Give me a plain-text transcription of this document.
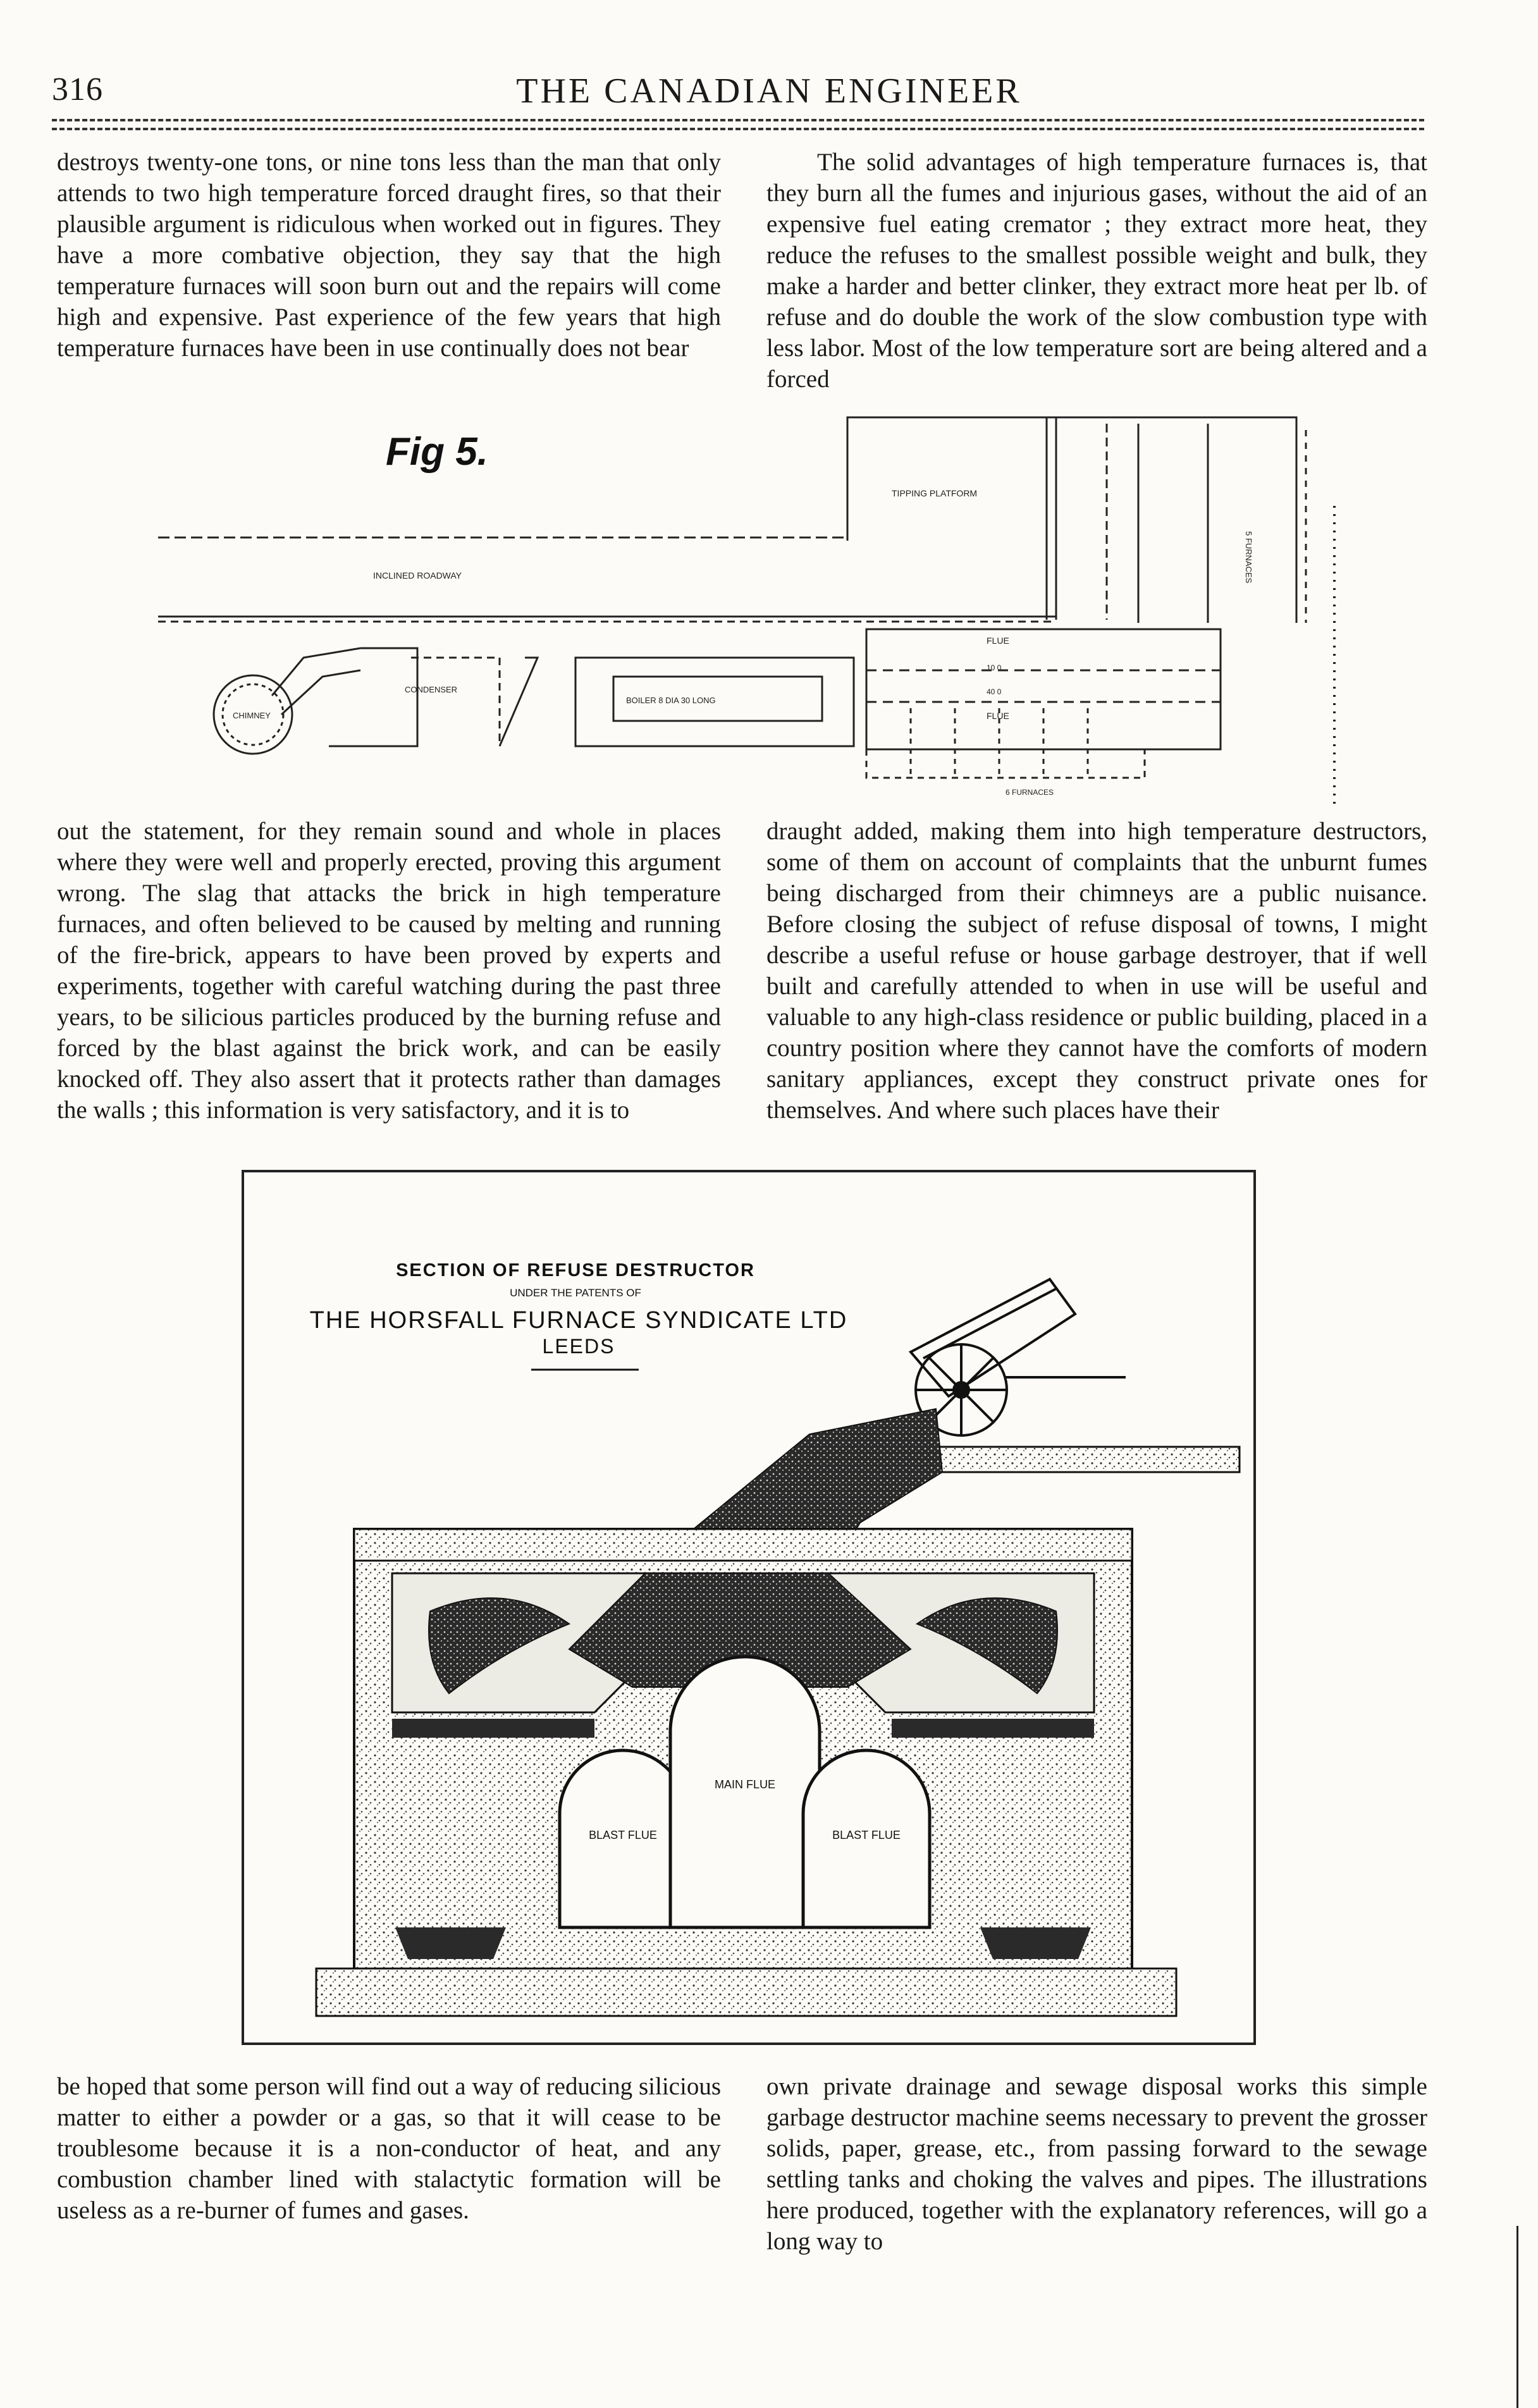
316	THE CANADIAN ENGINEER
destroys twenty-one tons, or nine tons less than the man that only attends to two high temperature forced draught fires, so that their plausible argument is ridiculous when worked out in figures. They have a more combative objection, they say that the high temperature furnaces will soon burn out and the repairs will come high and expensive. Past experience of the few years that high temperature furnaces have been in use continually does not bear
The solid advantages of high temperature furnaces is, that they burn all the fumes and injurious gases, without the aid of an expensive fuel eating cremator ; they extract more heat, they reduce the refuses to the smallest possible weight and bulk, they make a harder and better clinker, they extract more heat per lb. of refuse and do double the work of the slow combustion type with less labor. Most of the low temperature sort are being altered and a forced
Fig 5.
TIPPING PLATFORM
INCLINED ROADWAY	5 FURNACES
FLUE
FLUE
10 0
40 0
CHIMNEY
CONDENSER
BOILER 8 DIA 30 LONG
6 FURNACES
out the statement, for they remain sound and whole in places where they were well and properly erected, proving this argument wrong. The slag that attacks the brick in high temperature furnaces, and often believed to be caused by melting and running of the fire-brick, appears to have been proved by experts and experiments, together with careful watching during the past three years, to be silicious particles produced by the burning refuse and forced by the blast against the brick work, and can be easily knocked off. They also assert that it protects rather than damages the walls ; this information is very satisfactory, and it is to
draught added, making them into high temperature destructors, some of them on account of complaints that the unburnt fumes being discharged from their chimneys are a public nuisance. Before closing the subject of refuse disposal of towns, I might describe a useful refuse or house garbage destroyer, that if well built and carefully attended to when in use will be useful and valuable to any high-class residence or public building, placed in a country position where they cannot have the comforts of modern sanitary appliances, except they construct private ones for themselves. And where such places have their
SECTION OF REFUSE DESTRUCTOR
UNDER THE PATENTS OF
THE HORSFALL FURNACE SYNDICATE LTD
LEEDS
BLAST FLUE
MAIN FLUE
BLAST FLUE
be hoped that some person will find out a way of reducing silicious matter to either a powder or a gas, so that it will cease to be troublesome because it is a non-conductor of heat, and any combustion chamber lined with stalactytic formation will be useless as a re-burner of fumes and gases.
own private drainage and sewage disposal works this simple garbage destructor machine seems necessary to prevent the grosser solids, paper, grease, etc., from passing forward to the sewage settling tanks and choking the valves and pipes. The illustrations here produced, together with the explanatory references, will go a long way to
